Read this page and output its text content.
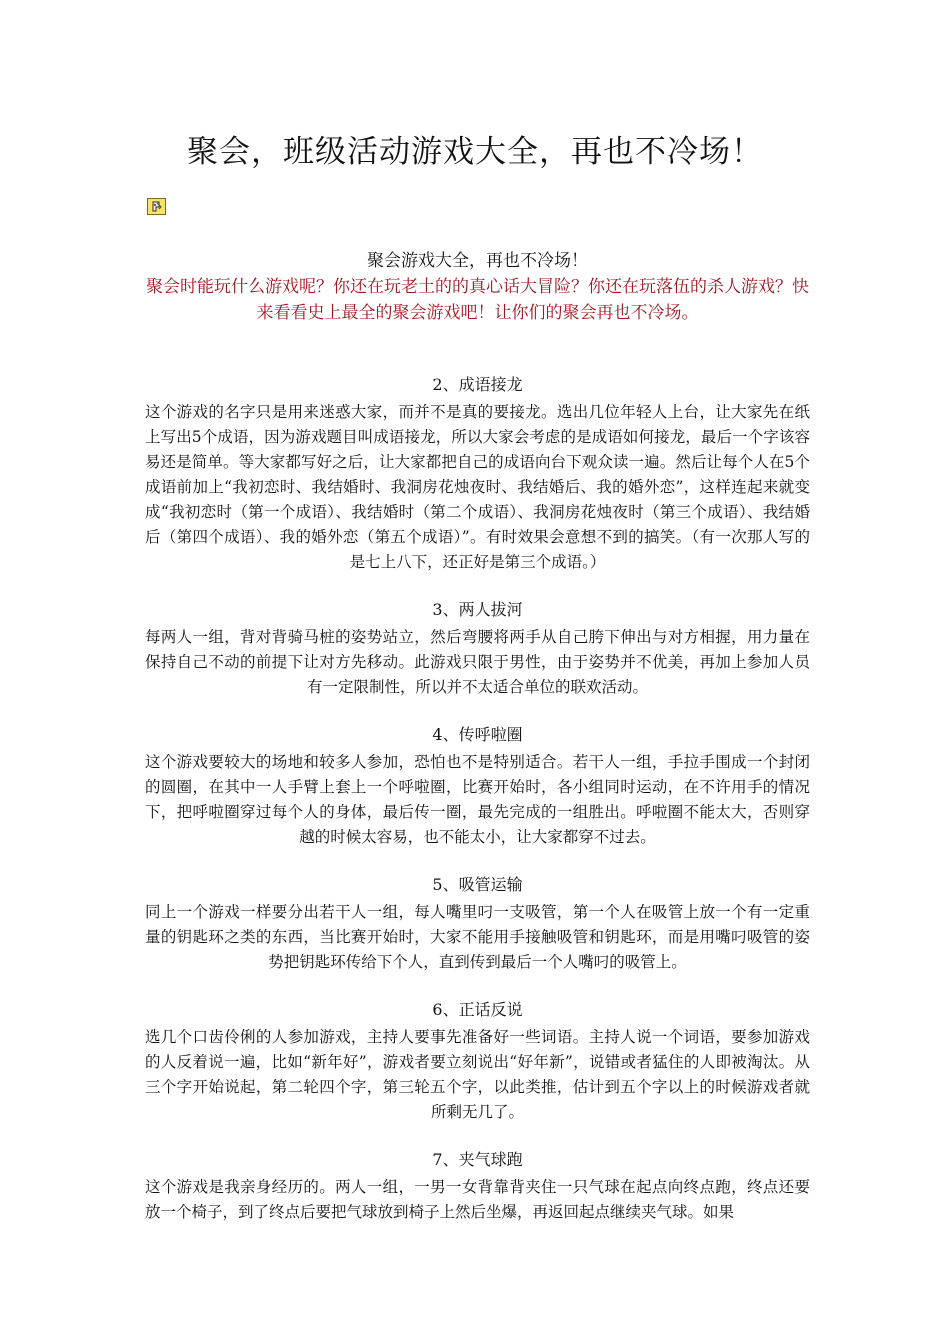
聚会，班级活动游戏大全，再也不冷场！

聚会游戏大全，再也不冷场！

聚会时能玩什么游戏呢？你还在玩老土的的真心话大冒险？你还在玩落伍的杀人游戏？快来看看史上最全的聚会游戏吧！让你们的聚会再也不冷场。

2、成语接龙

这个游戏的名字只是用来迷惑大家，而并不是真的要接龙。选出几位年轻人上台，让大家先在纸上写出5个成语，因为游戏题目叫成语接龙，所以大家会考虑的是成语如何接龙，最后一个字该容易还是简单。等大家都写好之后，让大家都把自己的成语向台下观众读一遍。然后让每个人在5个成语前加上“我初恋时、我结婚时、我洞房花烛夜时、我结婚后、我的婚外恋”，这样连起来就变成“我初恋时（第一个成语）、我结婚时（第二个成语）、我洞房花烛夜时（第三个成语）、我结婚后（第四个成语）、我的婚外恋（第五个成语）”。有时效果会意想不到的搞笑。（有一次那人写的是七上八下，还正好是第三个成语。）

3、两人拔河

每两人一组，背对背骑马桩的姿势站立，然后弯腰将两手从自己胯下伸出与对方相握，用力量在保持自己不动的前提下让对方先移动。此游戏只限于男性，由于姿势并不优美，再加上参加人员有一定限制性，所以并不太适合单位的联欢活动。

4、传呼啦圈

这个游戏要较大的场地和较多人参加，恐怕也不是特别适合。若干人一组，手拉手围成一个封闭的圆圈，在其中一人手臂上套上一个呼啦圈，比赛开始时，各小组同时运动，在不许用手的情况下，把呼啦圈穿过每个人的身体，最后传一圈，最先完成的一组胜出。呼啦圈不能太大，否则穿越的时候太容易，也不能太小，让大家都穿不过去。

5、吸管运输

同上一个游戏一样要分出若干人一组，每人嘴里叼一支吸管，第一个人在吸管上放一个有一定重量的钥匙环之类的东西，当比赛开始时，大家不能用手接触吸管和钥匙环，而是用嘴叼吸管的姿势把钥匙环传给下个人，直到传到最后一个人嘴叼的吸管上。

6、正话反说

选几个口齿伶俐的人参加游戏，主持人要事先准备好一些词语。主持人说一个词语，要参加游戏的人反着说一遍，比如“新年好”，游戏者要立刻说出“好年新”，说错或者猛住的人即被淘汰。从三个字开始说起，第二轮四个字，第三轮五个字，以此类推，估计到五个字以上的时候游戏者就所剩无几了。

7、夹气球跑

这个游戏是我亲身经历的。两人一组，一男一女背靠背夹住一只气球在起点向终点跑，终点还要放一个椅子，到了终点后要把气球放到椅子上然后坐爆，再返回起点继续夹气球。如果
